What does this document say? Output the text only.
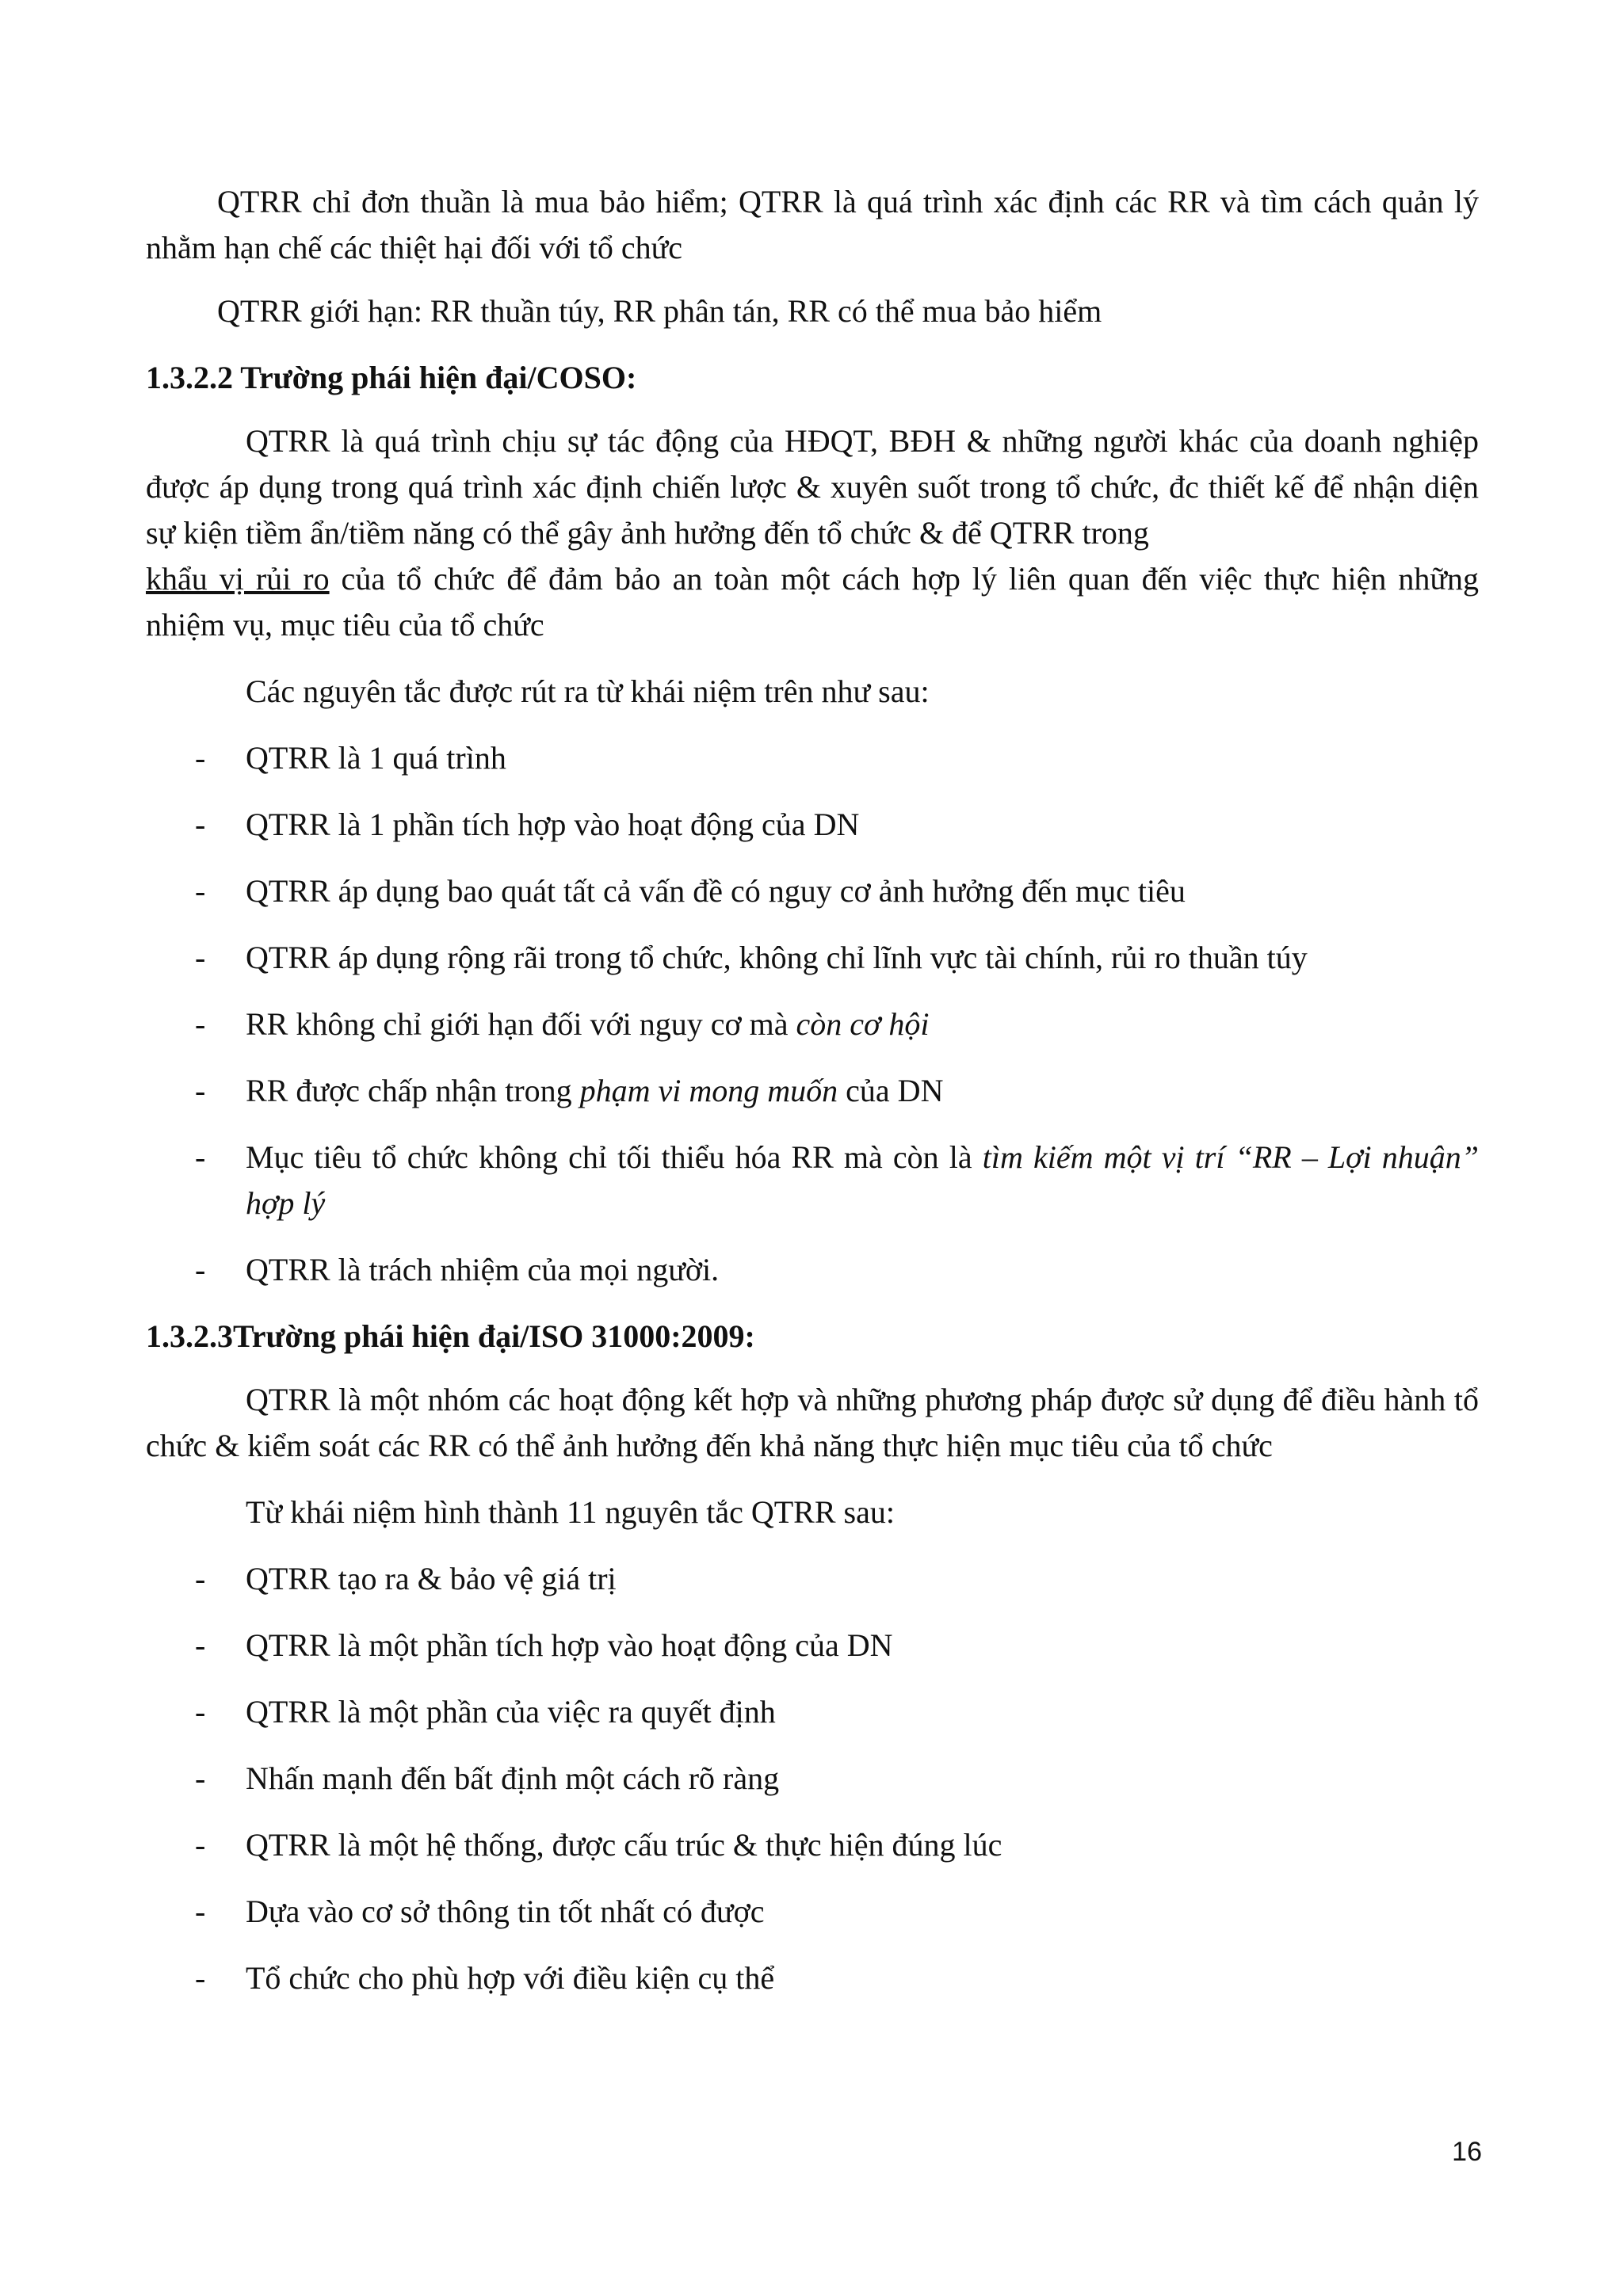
QTRR chỉ đơn thuần là mua bảo hiểm; QTRR là quá trình xác định các RR và tìm cách quản lý nhằm hạn chế các thiệt hại đối với tổ chức

QTRR giới hạn: RR thuần túy, RR phân tán, RR có thể mua bảo hiểm

1.3.2.2 Trường phái hiện đại/COSO:

QTRR là quá trình chịu sự tác động của HĐQT, BĐH & những người khác của doanh nghiệp được áp dụng trong quá trình xác định chiến lược & xuyên suốt trong tổ chức, đc thiết kế để nhận diện sự kiện tiềm ẩn/tiềm năng có thể gây ảnh hưởng đến tổ chức & để QTRR trong
khẩu vị rủi ro của tổ chức để đảm bảo an toàn một cách hợp lý liên quan đến việc thực hiện những nhiệm vụ, mục tiêu của tổ chức

Các nguyên tắc được rút ra từ khái niệm trên như sau:

- QTRR là 1 quá trình
- QTRR là 1 phần tích hợp vào hoạt động của DN
- QTRR áp dụng bao quát tất cả vấn đề có nguy cơ ảnh hưởng đến mục tiêu
- QTRR áp dụng rộng rãi trong tổ chức, không chỉ lĩnh vực tài chính, rủi ro thuần túy
- RR không chỉ giới hạn đối với nguy cơ mà còn cơ hội
- RR được chấp nhận trong phạm vi mong muốn của DN
- Mục tiêu tổ chức không chỉ tối thiểu hóa RR mà còn là tìm kiếm một vị trí “RR – Lợi nhuận” hợp lý
- QTRR là trách nhiệm của mọi người.
1.3.2.3Trường phái hiện đại/ISO 31000:2009:

QTRR là một nhóm các hoạt động kết hợp và những phương pháp được sử dụng để điều hành tổ chức & kiểm soát các RR có thể ảnh hưởng đến khả năng thực hiện mục tiêu của tổ chức

Từ khái niệm hình thành 11 nguyên tắc QTRR sau:

- QTRR tạo ra & bảo vệ giá trị
- QTRR là một phần tích hợp vào hoạt động của DN
- QTRR là một phần của việc ra quyết định
- Nhấn mạnh đến bất định một cách rõ ràng
- QTRR là một hệ thống, được cấu trúc & thực hiện đúng lúc
- Dựa vào cơ sở thông tin tốt nhất có được
- Tổ chức cho phù hợp với điều kiện cụ thể
16
